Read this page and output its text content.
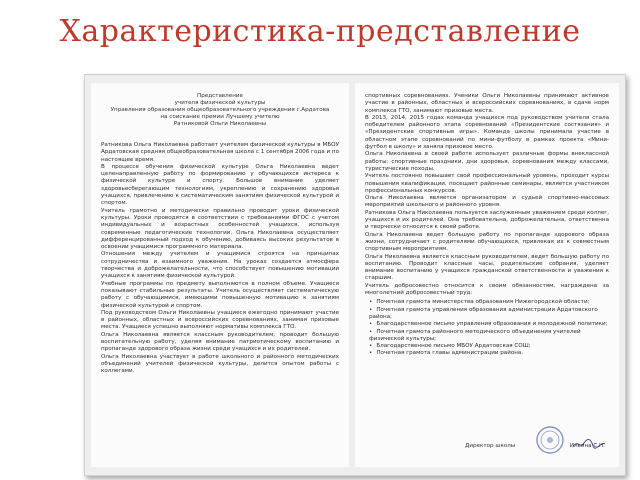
Характеристика-представление
Представление
учителя физической культуры
Управления образования общеобразовательного учреждения г.Ардатова
на соискание премии Лучшему учителю
Ратниковой Ольги Николаевны
Ратникова Ольга Николаевна работает учителем физической культуры в МБОУ Ардатовская средняя общеобразовательная школа с 1 сентября 2006 года и по настоящее время.
В процессе обучения физической культуре Ольга Николаевна ведет целенаправленную работу по формированию у обучающихся интереса к физической культуре и спорту. Большое внимание уделяет здоровьесберегающим технологиям, укреплению и сохранению здоровья учащихся, привлечению к систематическим занятиям физической культурой и спортом.
Учитель грамотно и методически правильно проводит уроки физической культуры. Уроки проводятся в соответствии с требованиями ФГОС с учетом индивидуальных и возрастных особенностей учащихся, используя современные педагогические технологии. Ольга Николаевна осуществляет дифференцированный подход к обучению, добиваясь высоких результатов в освоении учащимися программного материала.
Отношения между учителем и учащимися строятся на принципах сотрудничества и взаимного уважения. На уроках создается атмосфера творчества и доброжелательности, что способствует повышению мотивации учащихся к занятиям физической культурой.
Учебные программы по предмету выполняются в полном объеме. Учащиеся показывают стабильные результаты. Учитель осуществляет систематическую работу с обучающимися, имеющими повышенную мотивацию к занятиям физической культурой и спортом.
Под руководством Ольги Николаевны учащиеся ежегодно принимают участие в районных, областных и всероссийских соревнованиях, занимая призовые места. Учащиеся успешно выполняют нормативы комплекса ГТО.
Ольга Николаевна является классным руководителем, проводит большую воспитательную работу, уделяя внимание патриотическому воспитанию и пропаганде здорового образа жизни среди учащихся и их родителей.
Ольга Николаевна участвует в работе школьного и районного методических объединений учителей физической культуры, делится опытом работы с коллегами.
спортивных соревнованиях. Ученики Ольги Николаевны принимают активное участие в районных, областных и всероссийских соревнованиях, в сдаче норм комплекса ГТО, занимают призовые места.
В 2013, 2014, 2015 годах команда учащихся под руководством учителя стала победителем районного этапа соревнований «Президентские состязания» и «Президентские спортивные игры». Команда школы принимала участие в областном этапе соревнований по мини-футболу в рамках проекта «Мини-футбол в школу» и заняла призовое место.
Ольга Николаевна в своей работе использует различные формы внеклассной работы: спортивные праздники, дни здоровья, соревнования между классами, туристические походы.
Учитель постоянно повышает свой профессиональный уровень, проходит курсы повышения квалификации, посещает районные семинары, является участником профессиональных конкурсов.
Ольга Николаевна является организатором и судьей спортивно-массовых мероприятий школьного и районного уровня.
Ратникова Ольга Николаевна пользуется заслуженным уважением среди коллег, учащихся и их родителей. Она требовательна, доброжелательна, ответственна и творчески относится к своей работе.
Ольга Николаевна ведет большую работу по пропаганде здорового образа жизни, сотрудничает с родителями обучающихся, привлекая их к совместным спортивным мероприятиям.
Ольга Николаевна является классным руководителем, ведет большую работу по воспитанию. Проводит классные часы, родительские собрания, уделяет внимание воспитанию у учащихся гражданской ответственности и уважения к старшим.
Учитель добросовестно относится к своим обязанностям, награждена за многолетний добросовестный труд:
• Почетная грамота министерства образования Нижегородской области;
• Почетная грамота управления образования администрации Ардатовского района;
• Благодарственное письмо управления образования и молодежной политики;
• Почетная грамота районного методического объединения учителей физической культуры;
• Благодарственное письмо МБОУ Ардатовская СОШ;
• Почетная грамота главы администрации района.
Директор школы	Ильина С.Н.
